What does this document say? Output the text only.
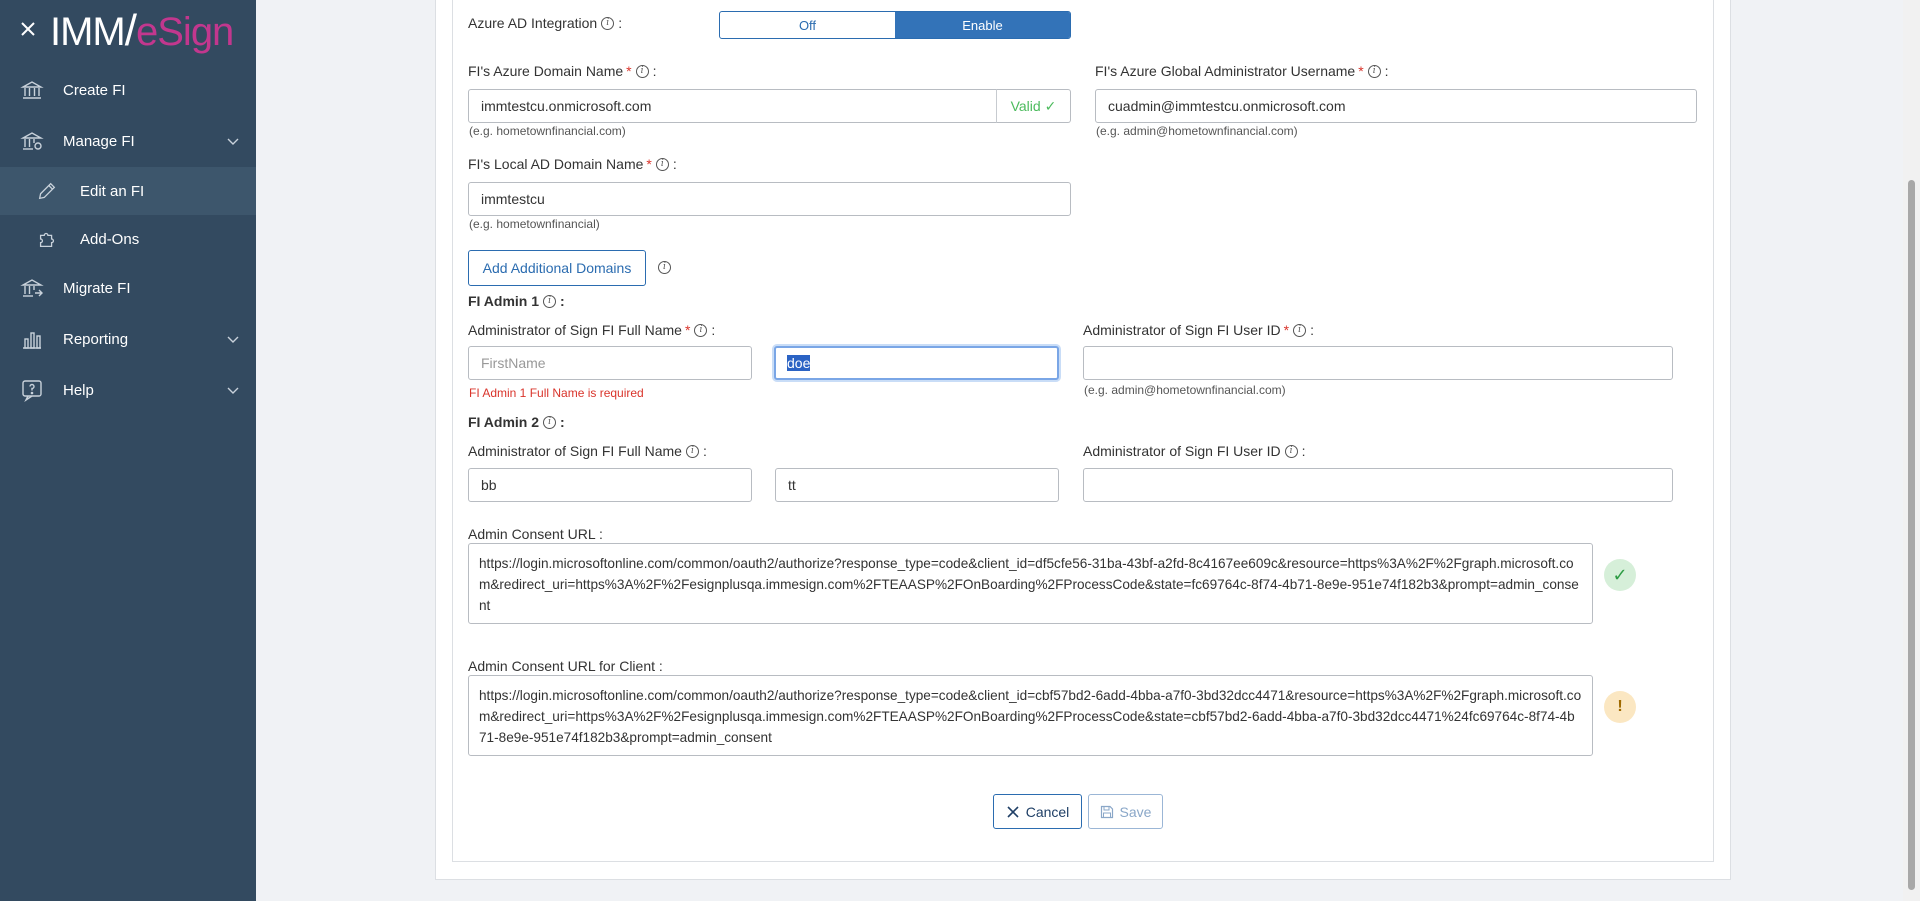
IMM/eSign
Create FI
Manage FI
Edit an FI
Add-Ons
Migrate FI
Reporting
Help
Azure AD Integration	i :	Off	Enable
FI's Azure Domain Name *	i :
immtestcu.onmicrosoft.com	Valid ✓
(e.g. hometownfinancial.com)
FI's Azure Global Administrator Username *	i :
cuadmin@immtestcu.onmicrosoft.com
(e.g. admin@hometownfinancial.com)
FI's Local AD Domain Name *	i :
immtestcu
(e.g. hometownfinancial)
Add Additional Domains	i
FI Admin 1	i :
Administrator of Sign FI Full Name *	i :
FirstName	doe
FI Admin 1 Full Name is required
Administrator of Sign FI User ID *	i :
(e.g. admin@hometownfinancial.com)
FI Admin 2	i :
Administrator of Sign FI Full Name	i :
bb	tt
Administrator of Sign FI User ID	i :
Admin Consent URL :
https://login.microsoftonline.com/common/oauth2/authorize?response_type=code&client_id=df5cfe56-31ba-43bf-a2fd-8c4167ee609c&resource=https%3A%2F%2Fgraph.microsoft.com&redirect_uri=https%3A%2F%2Fesignplusqa.immesign.com%2FTEAASP%2FOnBoarding%2FProcessCode&state=fc69764c-8f74-4b71-8e9e-951e74f182b3&prompt=admin_consent
✓
Admin Consent URL for Client :
https://login.microsoftonline.com/common/oauth2/authorize?response_type=code&client_id=cbf57bd2-6add-4bba-a7f0-3bd32dcc4471&resource=https%3A%2F%2Fgraph.microsoft.com&redirect_uri=https%3A%2F%2Fesignplusqa.immesign.com%2FTEAASP%2FOnBoarding%2FProcessCode&state=cbf57bd2-6add-4bba-a7f0-3bd32dcc4471%24fc69764c-8f74-4b71-8e9e-951e74f182b3&prompt=admin_consent
!
Cancel	Save
